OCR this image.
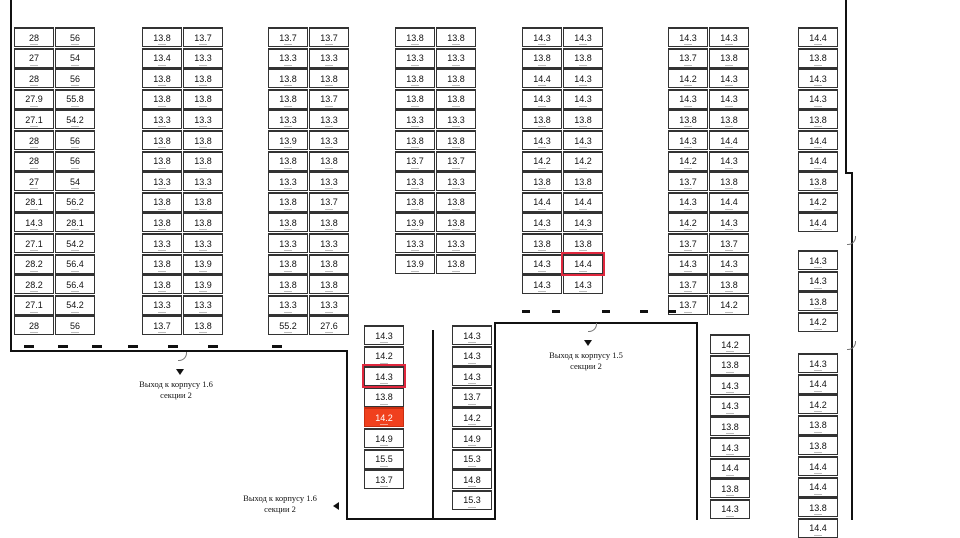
Выход к корпусу 1.6
секции 2
Выход к корпусу 1.5
секции 2
Выход к корпусу 1.6
секции 2
28	56
27	54
28	56
27.9	55.8
27.1	54.2
28	56
28	56
27	54
28.1	56.2
14.3	28.1
27.1	54.2
28.2	56.4
28.2	56.4
27.1	54.2
28	56
13.8	13.7
13.4	13.3
13.8	13.8
13.8	13.8
13.3	13.3
13.8	13.8
13.8	13.8
13.3	13.3
13.8	13.8
13.8	13.8
13.3	13.3
13.8	13.9
13.8	13.9
13.3	13.3
13.7	13.8
13.7	13.7
13.3	13.3
13.8	13.8
13.8	13.7
13.3	13.3
13.9	13.3
13.8	13.8
13.3	13.3
13.8	13.7
13.8	13.8
13.3	13.3
13.8	13.8
13.8	13.8
13.3	13.3
55.2	27.6
13.8	13.8
13.3	13.3
13.8	13.8
13.8	13.8
13.3	13.3
13.8	13.8
13.7	13.7
13.3	13.3
13.8	13.8
13.9	13.8
13.3	13.3
13.9	13.8
14.3	14.3
13.8	13.8
14.4	14.3
14.3	14.3
13.8	13.8
14.3	14.3
14.2	14.2
13.8	13.8
14.4	14.4
14.3	14.3
13.8	13.8
14.3	14.4
14.3	14.3
14.3	14.3
13.7	13.8
14.2	14.3
14.3	14.3
13.8	13.8
14.3	14.4
14.2	14.3
13.7	13.8
14.3	14.4
14.2	14.3
13.7	13.7
14.3	14.3
13.7	13.8
13.7	14.2
14.4
13.8
14.3
14.3
13.8
14.4
14.4
13.8
14.2
14.4
14.3
14.3
13.8
14.2
14.3
14.4
14.2
13.8
13.8
14.4
14.4
13.8
14.4
14.3
14.2
14.3
13.8
14.2
14.9
15.5
13.7
14.3
14.3
14.3
13.7
14.2
14.9
15.3
14.8
15.3
14.2
13.8
14.3
14.3
13.8
14.3
14.4
13.8
14.3
